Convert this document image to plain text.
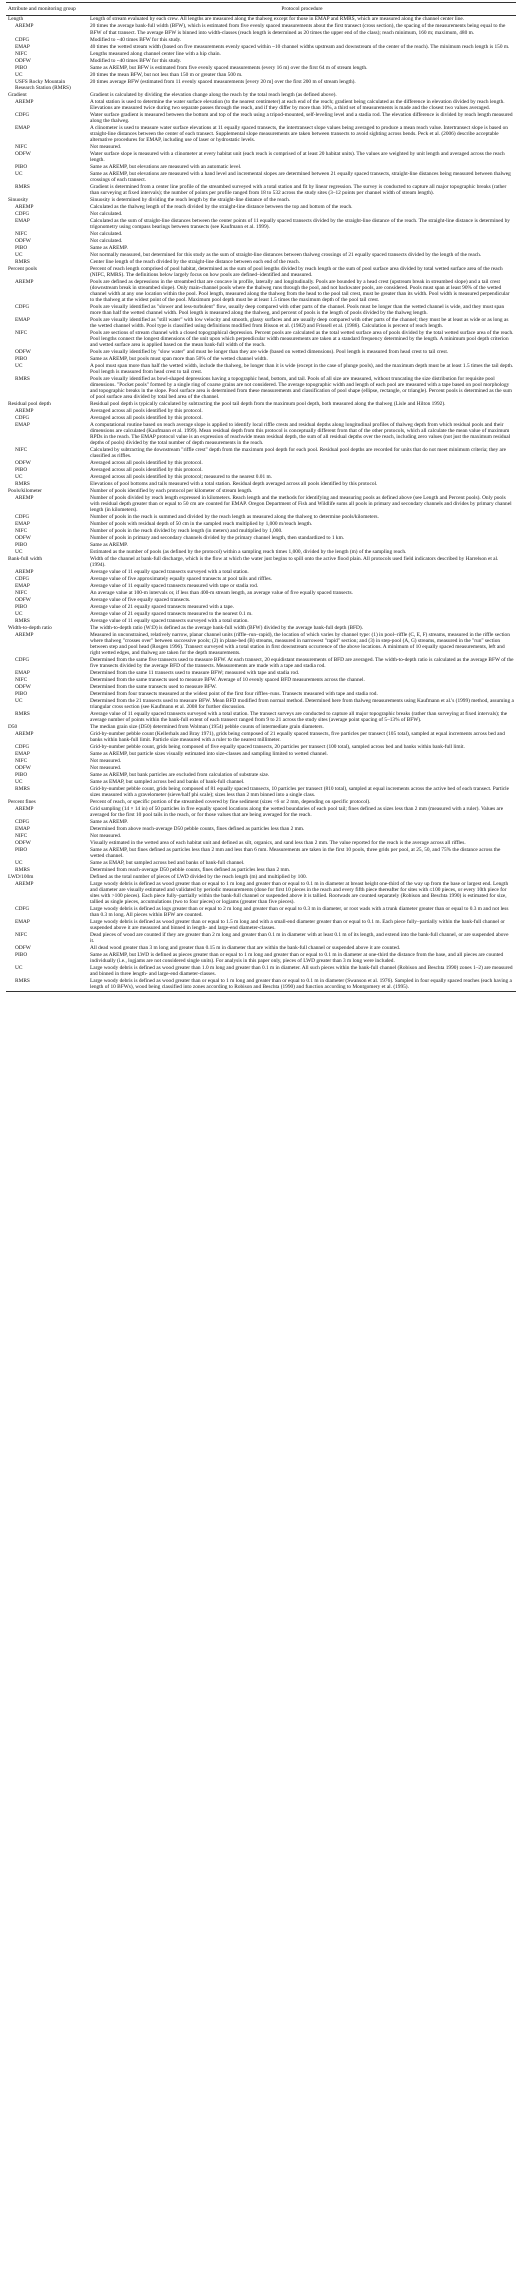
Attribute and monitoring group	Protocol procedure
Length	Length of stream evaluated by each crew. All lengths are measured along the thalweg except for those in EMAP and RMRS, which are measured along the channel center line.
AREMP	20 times the average bank-full width (BFW), which is estimated from five evenly spaced measurements about the first transect (cross section), the spacing of the measurements being equal to the BFW of that transect. The average BFW is binned into width-classes (reach length is determined as 20 times the upper end of the class); reach minimum, 160 m; maximum, 480 m.
CDFG	Modified to ~40 times BFW for this study.
EMAP	40 times the wetted stream width (based on five measurements evenly spaced within ~10 channel widths upstream and downstream of the center of the reach). The minimum reach length is 150 m.
NIFC	Lengths measured along channel center line with a hip chain.
ODFW	Modified to ~40 times BFW for this study.
PIBO	Same as AREMP, but BFW is estimated from five evenly spaced measurements (every 16 m) over the first 64 m of stream length.
UC	20 times the mean BFW, but not less than 150 m or greater than 500 m.
USFS Rocky Mountain Research Station (RMRS)	20 times average BFW (estimated from 11 evenly spaced measurements [every 20 m] over the first 200 m of stream length).
Gradient	Gradient is calculated by dividing the elevation change along the reach by the total reach length (as defined above).
AREMP	A total station is used to determine the water surface elevation (to the nearest centimeter) at each end of the reach; gradient being calculated as the difference in elevation divided by reach length. Elevations are measured twice during two separate passes through the reach, and if they differ by more than 10%, a third set of measurements is made and the closest two values averaged.
CDFG	Water surface gradient is measured between the bottom and top of the reach using a tripod-mounted, self-leveling level and a stadia rod. The elevation difference is divided by reach length measured along the thalweg.
EMAP	A clinometer is used to measure water surface elevations at 11 equally spaced transects, the intertransect slope values being averaged to produce a mean reach value. Intertransect slope is based on straight-line distances between the center of each transect. Supplemental slope measurements are taken between transects to avoid sighting across bends. Peck et al. (2006) describe acceptable alternative procedures for EMAP, including use of laser or hydrostatic levels.
NIFC	Not measured.
ODFW	Water surface slope is measured with a clinometer at every habitat unit (each reach is comprised of at least 20 habitat units). The values are weighted by unit length and averaged across the reach length.
PIBO	Same as AREMP, but elevations are measured with an automatic level.
UC	Same as AREMP, but elevations are measured with a hand level and incremental slopes are determined between 21 equally spaced transects, straight-line distances being measured between thalweg crossings of each transect.
RMRS	Gradient is determined from a center line profile of the streambed surveyed with a total station and fit by linear regression. The survey is conducted to capture all major topographic breaks (rather than surveying at fixed intervals); the number of points per profile ranged from 18 to 532 across the study sites (3–12 points per channel width of stream length).
Sinuosity	Sinuosity is determined by dividing the reach length by the straight-line distance of the reach.
AREMP	Calculated as the thalweg length of the reach divided by the straight-line distance between the top and bottom of the reach.
CDFG	Not calculated.
EMAP	Calculated as the sum of straight-line distances between the center points of 11 equally spaced transects divided by the straight-line distance of the reach. The straight-line distance is determined by trigonometry using compass bearings between transects (see Kaufmann et al. 1999).
NIFC	Not calculated.
ODFW	Not calculated.
PIBO	Same as AREMP.
UC	Not normally measured, but determined for this study as the sum of straight-line distances between thalweg crossings of 21 equally spaced transects divided by the length of the reach.
RMRS	Center line length of the reach divided by the straight-line distance between each end of the reach.
Percent pools	Percent of reach length comprised of pool habitat, determined as the sum of pool lengths divided by reach length or the sum of pool surface area divided by total wetted surface area of the reach (NIFC, RMRS). The definitions below largely focus on how pools are defined–identified and measured.
AREMP	Pools are defined as depressions in the streambed that are concave in profile, laterally and longitudinally. Pools are bounded by a head crest (upstream break in streambed slope) and a tail crest (downstream break in streambed slope). Only main-channel pools where the thalweg runs through the pool, and not backwater pools, are considered. Pools must span at least 90% of the wetted channel width at any one location within the pool. Pool length, measured along the thalweg from the head to the pool tail crest, must be greater than its width. Pool width is measured perpendicular to the thalweg at the widest point of the pool. Maximum pool depth must be at least 1.5 times the maximum depth of the pool tail crest.
CDFG	Pools are visually identified as "slower and less-turbulent" flow, usually deep compared with other parts of the channel. Pools must be longer than the wetted channel is wide, and they must span more than half the wetted channel width. Pool length is measured along the thalweg, and percent of pools is the length of pools divided by the thalweg length.
EMAP	Pools are visually identified as "still water" with low velocity and smooth, glassy surfaces and are usually deep compared with other parts of the channel; they must be at least as wide or as long as the wetted channel width. Pool type is classified using definitions modified from Bisson et al. (1982) and Frissell et al. (1986). Calculation is percent of reach length.
NIFC	Pools are sections of stream channel with a closed topographical depression. Percent pools are calculated as the total wetted surface area of pools divided by the total wetted surface area of the reach. Pool lengths connect the longest dimensions of the unit upon which perpendicular width measurements are taken at a standard frequency determined by the length. A minimum pool depth criterion and wetted surface area is applied based on the mean bank-full width of the reach.
ODFW	Pools are visually identified by "slow water" and must be longer than they are wide (based on wetted dimensions). Pool length is measured from head crest to tail crest.
PIBO	Same as AREMP, but pools must span more than 50% of the wetted channel width.
UC	A pool must span more than half the wetted width, include the thalweg, be longer than it is wide (except in the case of plunge pools), and the maximum depth must be at least 1.5 times the tail depth. Pool length is measured from head crest to tail crest.
RMRS	Pools are visually identified as bowl-shaped depressions having a topographic head, bottom, and tail. Pools of all size are measured, without truncating the size distribution for requisite pool dimensions. "Pocket pools" formed by a single ring of coarse grains are not considered. The average topographic width and length of each pool are measured with a tape based on pool morphology and topographic breaks in the slope. Pool surface area is determined from these measurements and classification of pool shape (ellipse, rectangle, or triangle). Percent pools is determined as the sum of pool surface area divided by total bed area of the channel.
Residual pool depth	Residual pool depth is typically calculated by subtracting the pool tail depth from the maximum pool depth, both measured along the thalweg (Lisle and Hilton 1992).
AREMP	Averaged across all pools identified by this protocol.
CDFG	Averaged across all pools identified by this protocol.
EMAP	A computational routine based on reach average slope is applied to identify local riffle crests and residual depths along longitudinal profiles of thalweg depth from which residual pools and their dimensions are calculated (Kaufmann et al. 1999). Mean residual depth from this protocol is conceptually different from that of the other protocols, which all calculate the mean value of maximum RPDs in the reach. The EMAP protocol value is an expression of reachwide mean residual depth, the sum of all residual depths over the reach, including zero values (not just the maximum residual depths of pools) divided by the total number of depth measurements in the reach.
NIFC	Calculated by subtracting the downstream "riffle crest" depth from the maximum pool depth for each pool. Residual pool depths are recorded for units that do not meet minimum criteria; they are classified as riffles.
ODFW	Averaged across all pools identified by this protocol.
PIBO	Averaged across all pools identified by this protocol.
UC	Averaged across all pools identified by this protocol; measured to the nearest 0.01 m.
RMRS	Elevations of pool bottoms and tails measured with a total station. Residual depth averaged across all pools identified by this protocol.
Pools/kilometer	Number of pools identified by each protocol per kilometer of stream length.
AREMP	Number of pools divided by reach length expressed in kilometers. Reach length and the methods for identifying and measuring pools as defined above (see Length and Percent pools). Only pools with residual depth greater than or equal to 50 cm are counted for EMAP. Oregon Department of Fish and Wildlife sums all pools in primary and secondary channels and divides by primary channel length (in kilometers).
CDFG	Number of pools in the reach is summed and divided by the reach length as measured along the thalweg to determine pools/kilometers.
EMAP	Number of pools with residual depth of 50 cm in the sampled reach multiplied by 1,000 m/reach length.
NIFC	Number of pools in the reach divided by reach length (in meters) and multiplied by 1,000.
ODFW	Number of pools in primary and secondary channels divided by the primary channel length, then standardized to 1 km.
PIBO	Same as AREMP.
UC	Estimated as the number of pools (as defined by the protocol) within a sampling reach times 1,000, divided by the length (m) of the sampling reach.
Bank-full width	Width of the channel at bank-full discharge, which is the flow at which the water just begins to spill onto the active flood plain. All protocols used field indicators described by Harrelson et al. (1994).
AREMP	Average value of 11 equally spaced transects surveyed with a total station.
CDFG	Average value of five approximately equally spaced transects at pool tails and riffles.
EMAP	Average value of 11 equally spaced transects measured with tape or stadia rod.
NIFC	An average value at 100-m intervals or, if less than 400-m stream length, an average value of five equally spaced transects.
ODFW	Average value of five equally spaced transects.
PIBO	Average value of 21 equally spaced transects measured with a tape.
UC	Average value of 21 equally spaced transects measured to the nearest 0.1 m.
RMRS	Average value of 11 equally spaced transects surveyed with a total station.
Width-to-depth ratio	The width-to-depth ratio (W:D) is defined as the average bank-full width (BFW) divided by the average bank-full depth (BFD).
AREMP	Measured in unconstrained, relatively narrow, planar channel units (riffle–run–rapid), the location of which varies by channel type: (1) in pool–riffle (C, E, F) streams, measured in the riffle section where thalweg "crosses over" between successive pools; (2) in plane-bed (B) streams, measured in narrowest "rapid" section; and (3) in step-pool (A, G) streams, measured in the "run" section between step and pool head (Rosgen 1996). Transect surveyed with a total station in first downstream occurrence of the above locations. A minimum of 10 equally spaced measurements, left and right wetted edges, and thalweg are taken for the depth measurements.
CDFG	Determined from the same five transects used to measure BFW. At each transect, 20 equidistant measurements of BFD are averaged. The width-to-depth ratio is calculated as the average BFW of the five transects divided by the average BFD of the transects. Measurements are made with a tape and stadia rod.
EMAP	Determined from the same 11 transects used to measure BFW; measured with tape and stadia rod.
NIFC	Determined from the same transects used to measure BFW. Average of 10 evenly spaced BFD measurements across the channel.
ODFW	Determined from the same transects used to measure BFW.
PIBO	Determined from four transects measured at the widest point of the first four riffles–runs. Transects measured with tape and stadia rod.
UC	Determined from the 21 transects used to measure BFW. Mean BFD modified from normal method. Determined here from thalweg measurements using Kaufmann et al.'s (1999) method, assuming a triangular cross section (see Kaufmann et al. 2008 for further discussion.
RMRS	Average value of 11 equally spaced transects surveyed with a total station. The transect surveys are conducted to capture all major topographic breaks (rather than surveying at fixed intervals); the average number of points within the bank-full extent of each transect ranged from 9 to 21 across the study sites (average point spacing of 5–13% of BFW).
D50	The median grain size (D50) determined from Wolman (1954) pebble counts of intermediate grain diameters.
AREMP	Grid-by-number pebble count (Kellerhals and Bray 1971), grids being composed of 21 equally spaced transects, five particles per transect (105 total), sampled at equal increments across bed and banks within bank-full limit. Particle size measured with a ruler to the nearest millimeter.
CDFG	Grid-by-number pebble count, grids being composed of five equally spaced transects, 20 particles per transect (100 total), sampled across bed and banks within bank-full limit.
EMAP	Same as AREMP, but particle sizes visually estimated into size-classes and sampling limited to wetted channel.
NIFC	Not measured.
ODFW	Not measured.
PIBO	Same as AREMP, but bank particles are excluded from calculation of substrate size.
UC	Same as EMAP, but sampled across bed and banks of bank-full channel.
RMRS	Grid-by-number pebble count, grids being composed of 81 equally spaced transects, 10 particles per transect (810 total), sampled at equal increments across the active bed of each transect. Particle sizes measured with a gravelometer (sieve/half phi scale); sizes less than 2 mm binned into a single class.
Percent fines	Percent of reach, or specific portion of the streambed covered by fine sediment (sizes <6 or 2 mm, depending on specific protocol).
AREMP	Grid sampling (14 × 14 in) of 50 particles in five equally spaced locations along the wetted boundaries of each pool tail; fines defined as sizes less than 2 mm (measured with a ruler). Values are averaged for the first 10 pool tails in the reach, or for those values that are being averaged for the reach.
CDFG	Same as AREMP.
EMAP	Determined from above reach-average D50 pebble counts, fines defined as particles less than 2 mm.
NIFC	Not measured.
ODFW	Visually estimated in the wetted area of each habitat unit and defined as silt, organics, and sand less than 2 mm. The value reported for the reach is the average across all riffles.
PIBO	Same as AREMP, but fines defined as particles less than 2 mm and less than 6 mm. Measurements are taken in the first 10 pools, three grids per pool, at 25, 50, and 75% the distance across the wetted channel.
UC	Same as EMAP, but sampled across bed and banks of bank-full channel.
RMRS	Determined from reach-average D50 pebble counts, fines defined as particles less than 2 mm.
LWD/100m	Defined as the total number of pieces of LWD divided by the reach length (m) and multiplied by 100.
AREMP	Large woody debris is defined as wood greater than or equal to 1 m long and greater than or equal to 0.1 m in diameter at breast height one-third of the way up from the base or largest end. Length and diameter are visually estimated and validated by periodic measurements (done for first 10 pieces in the reach and every fifth piece thereafter for sites with ≤100 pieces, or every 10th piece for sites with >100 pieces). Each piece fully–partially within the bank-full channel or suspended above it is tallied. Rootwads are counted separately (Robison and Beschta 1990) is estimated for size, tallied as single pieces, accumulations (two to four pieces) or logjams (greater than five pieces).
CDFG	Large woody debris is defined as logs greater than or equal to 2 m long and greater than or equal to 0.3 m in diameter, or root wads with a trunk diameter greater than or equal to 0.3 m and not less than 0.3 m long. All pieces within BFW are counted.
EMAP	Large woody debris is defined as wood greater than or equal to 1.5 m long and with a small-end diameter greater than or equal to 0.1 m. Each piece fully–partially within the bank-full channel or suspended above it are measured and binned in length- and large-end diameter-classes.
NIFC	Dead pieces of wood are counted if they are greater than 2 m long and greater than 0.1 m in diameter with at least 0.1 m of its length, and extend into the bank-full channel, or are suspended above it.
ODFW	All dead wood greater than 3 m long and greater than 0.15 m in diameter that are within the bank-full channel or suspended above it are counted.
PIBO	Same as AREMP, but LWD is defined as pieces greater than or equal to 1 m long and greater than or equal to 0.1 m in diameter at one-third the distance from the base, and all pieces are counted individually (i.e., logjams are not considered single units). For analysis in this paper only, pieces of LWD greater than 3 m long were included.
UC	Large woody debris is defined as wood greater than 1.0 m long and greater than 0.1 m in diameter. All such pieces within the bank-full channel (Robison and Beschta 1990) zones 1–2) are measured and binned in three length- and large-end diameter-classes.
RMRS	Large woody debris is defined as wood greater than or equal to 1 m long and greater than or equal to 0.1 m in diameter (Swanson et al. 1976). Sampled in four equally spaced reaches (each having a length of 10 BFWs), wood being classified into zones according to Robison and Beschta (1990) and function according to Montgomery et al. (1995).
